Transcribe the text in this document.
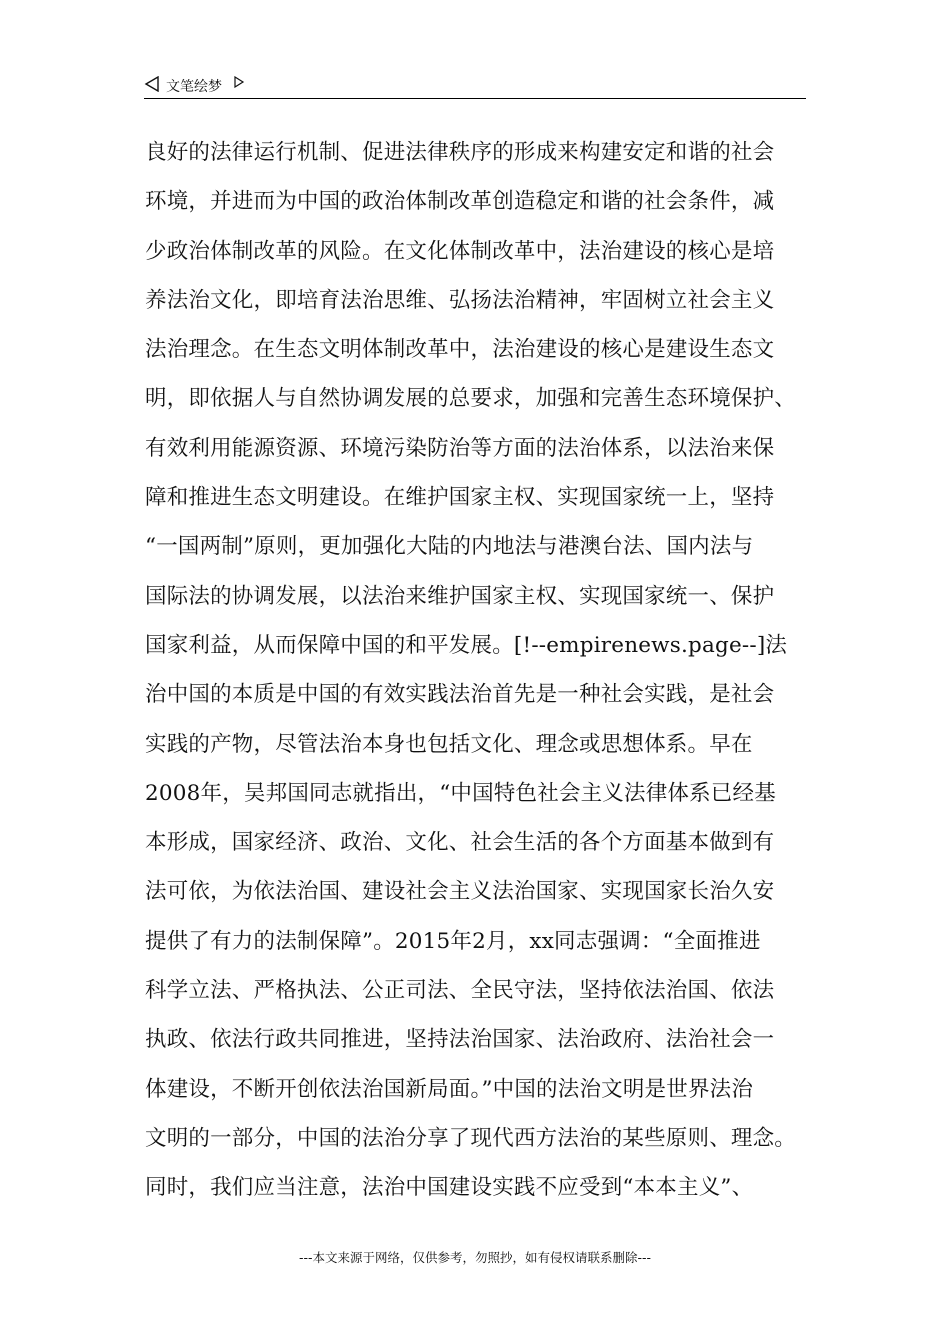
文笔绘梦
良好的法律运行机制、促进法律秩序的形成来构建安定和谐的社会
环境，并进而为中国的政治体制改革创造稳定和谐的社会条件，减
少政治体制改革的风险。在文化体制改革中，法治建设的核心是培
养法治文化，即培育法治思维、弘扬法治精神，牢固树立社会主义
法治理念。在生态文明体制改革中，法治建设的核心是建设生态文
明，即依据人与自然协调发展的总要求，加强和完善生态环境保护、
有效利用能源资源、环境污染防治等方面的法治体系，以法治来保
障和推进生态文明建设。在维护国家主权、实现国家统一上，坚持
“一国两制”原则，更加强化大陆的内地法与港澳台法、国内法与
国际法的协调发展，以法治来维护国家主权、实现国家统一、保护
国家利益，从而保障中国的和平发展。[!--empirenews.page--]法
治中国的本质是中国的有效实践法治首先是一种社会实践，是社会
实践的产物，尽管法治本身也包括文化、理念或思想体系。早在
2008年，吴邦国同志就指出，“中国特色社会主义法律体系已经基
本形成，国家经济、政治、文化、社会生活的各个方面基本做到有
法可依，为依法治国、建设社会主义法治国家、实现国家长治久安
提供了有力的法制保障”。2015年2月，xx同志强调：“全面推进
科学立法、严格执法、公正司法、全民守法，坚持依法治国、依法
执政、依法行政共同推进，坚持法治国家、法治政府、法治社会一
体建设，不断开创依法治国新局面。”中国的法治文明是世界法治
文明的一部分，中国的法治分享了现代西方法治的某些原则、理念。
同时，我们应当注意，法治中国建设实践不应受到“本本主义”、
---本文来源于网络，仅供参考，勿照抄，如有侵权请联系删除---
